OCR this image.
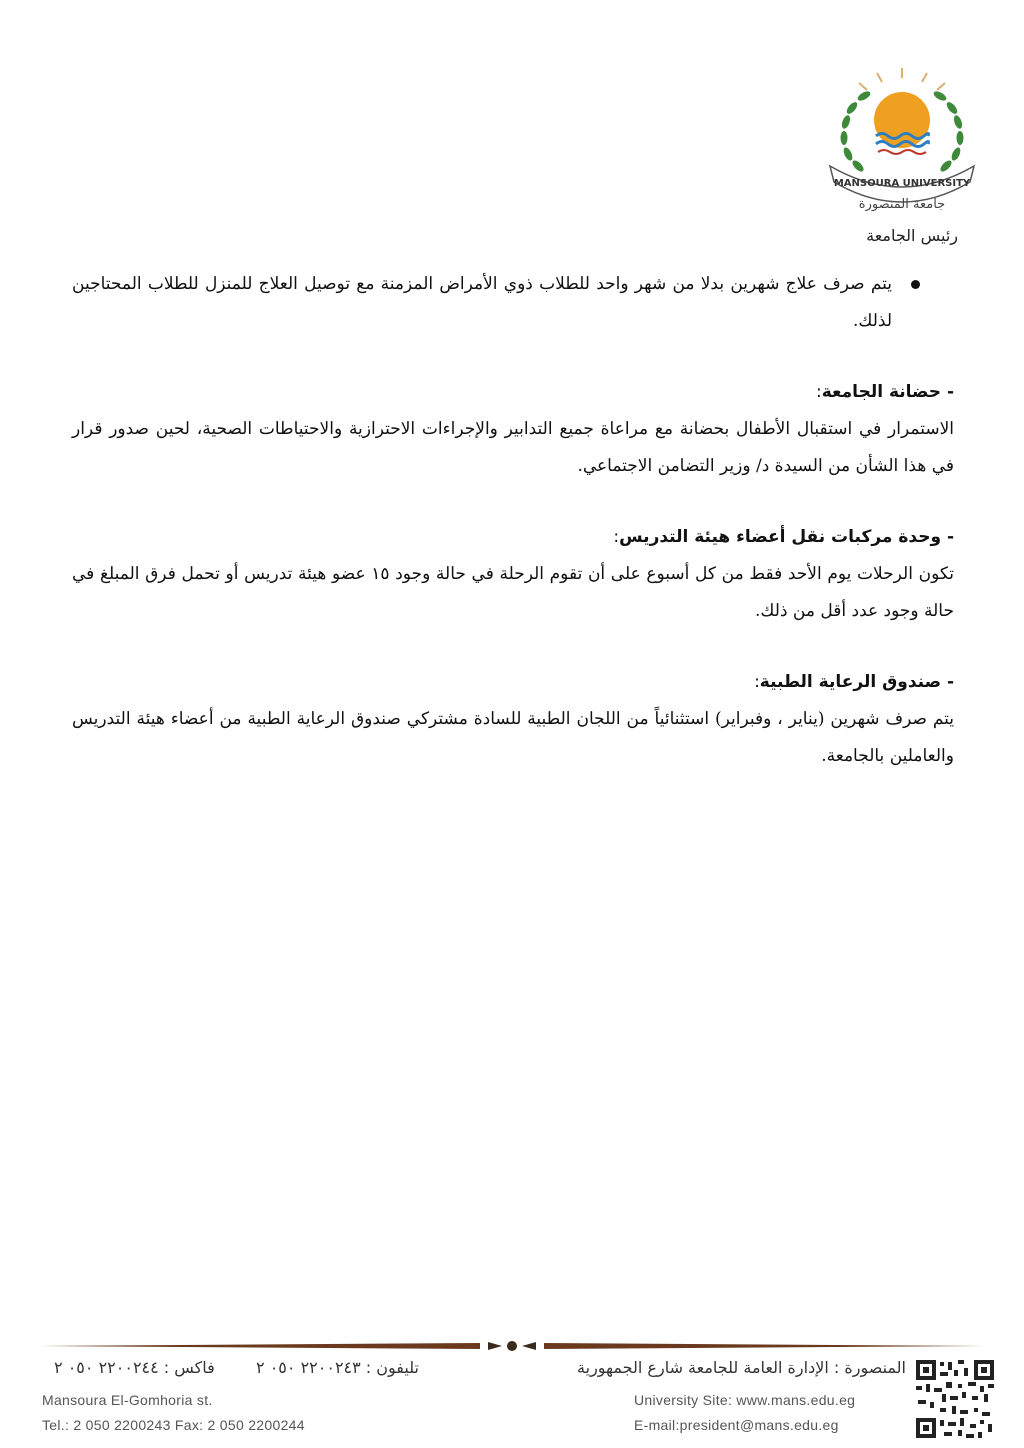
MANSOURA UNIVERSITY
جامعة المنصورة
رئيس الجامعة
يتم صرف علاج شهرين بدلا من شهر واحد للطلاب ذوي الأمراض المزمنة مع توصيل العلاج للمنزل للطلاب المحتاجين لذلك.
- حضانة الجامعة:

الاستمرار في استقبال الأطفال بحضانة مع مراعاة جميع التدابير والإجراءات الاحترازية والاحتياطات الصحية، لحين صدور قرار في هذا الشأن من السيدة د/ وزير التضامن الاجتماعي.

- وحدة مركبات نقل أعضاء هيئة التدريس:

تكون الرحلات يوم الأحد فقط من كل أسبوع على أن تقوم الرحلة في حالة وجود ١٥ عضو هيئة تدريس أو تحمل فرق المبلغ في حالة وجود عدد أقل من ذلك.

- صندوق الرعاية الطبية:

يتم صرف شهرين (يناير ، وفبراير) استثنائياً من اللجان الطبية للسادة مشتركي صندوق الرعاية الطبية من أعضاء هيئة التدريس والعاملين بالجامعة.

المنصورة : الإدارة العامة للجامعة شارع الجمهورية
تليفون : ٢٢٠٠٢٤٣ ٠٥٠ ٢
فاكس : ٢٢٠٠٢٤٤ ٠٥٠ ٢
Mansoura El-Gomhoria st.
Tel.: 2 050 2200243 Fax: 2 050 2200244
University Site: www.mans.edu.eg
E-mail:president@mans.edu.eg
